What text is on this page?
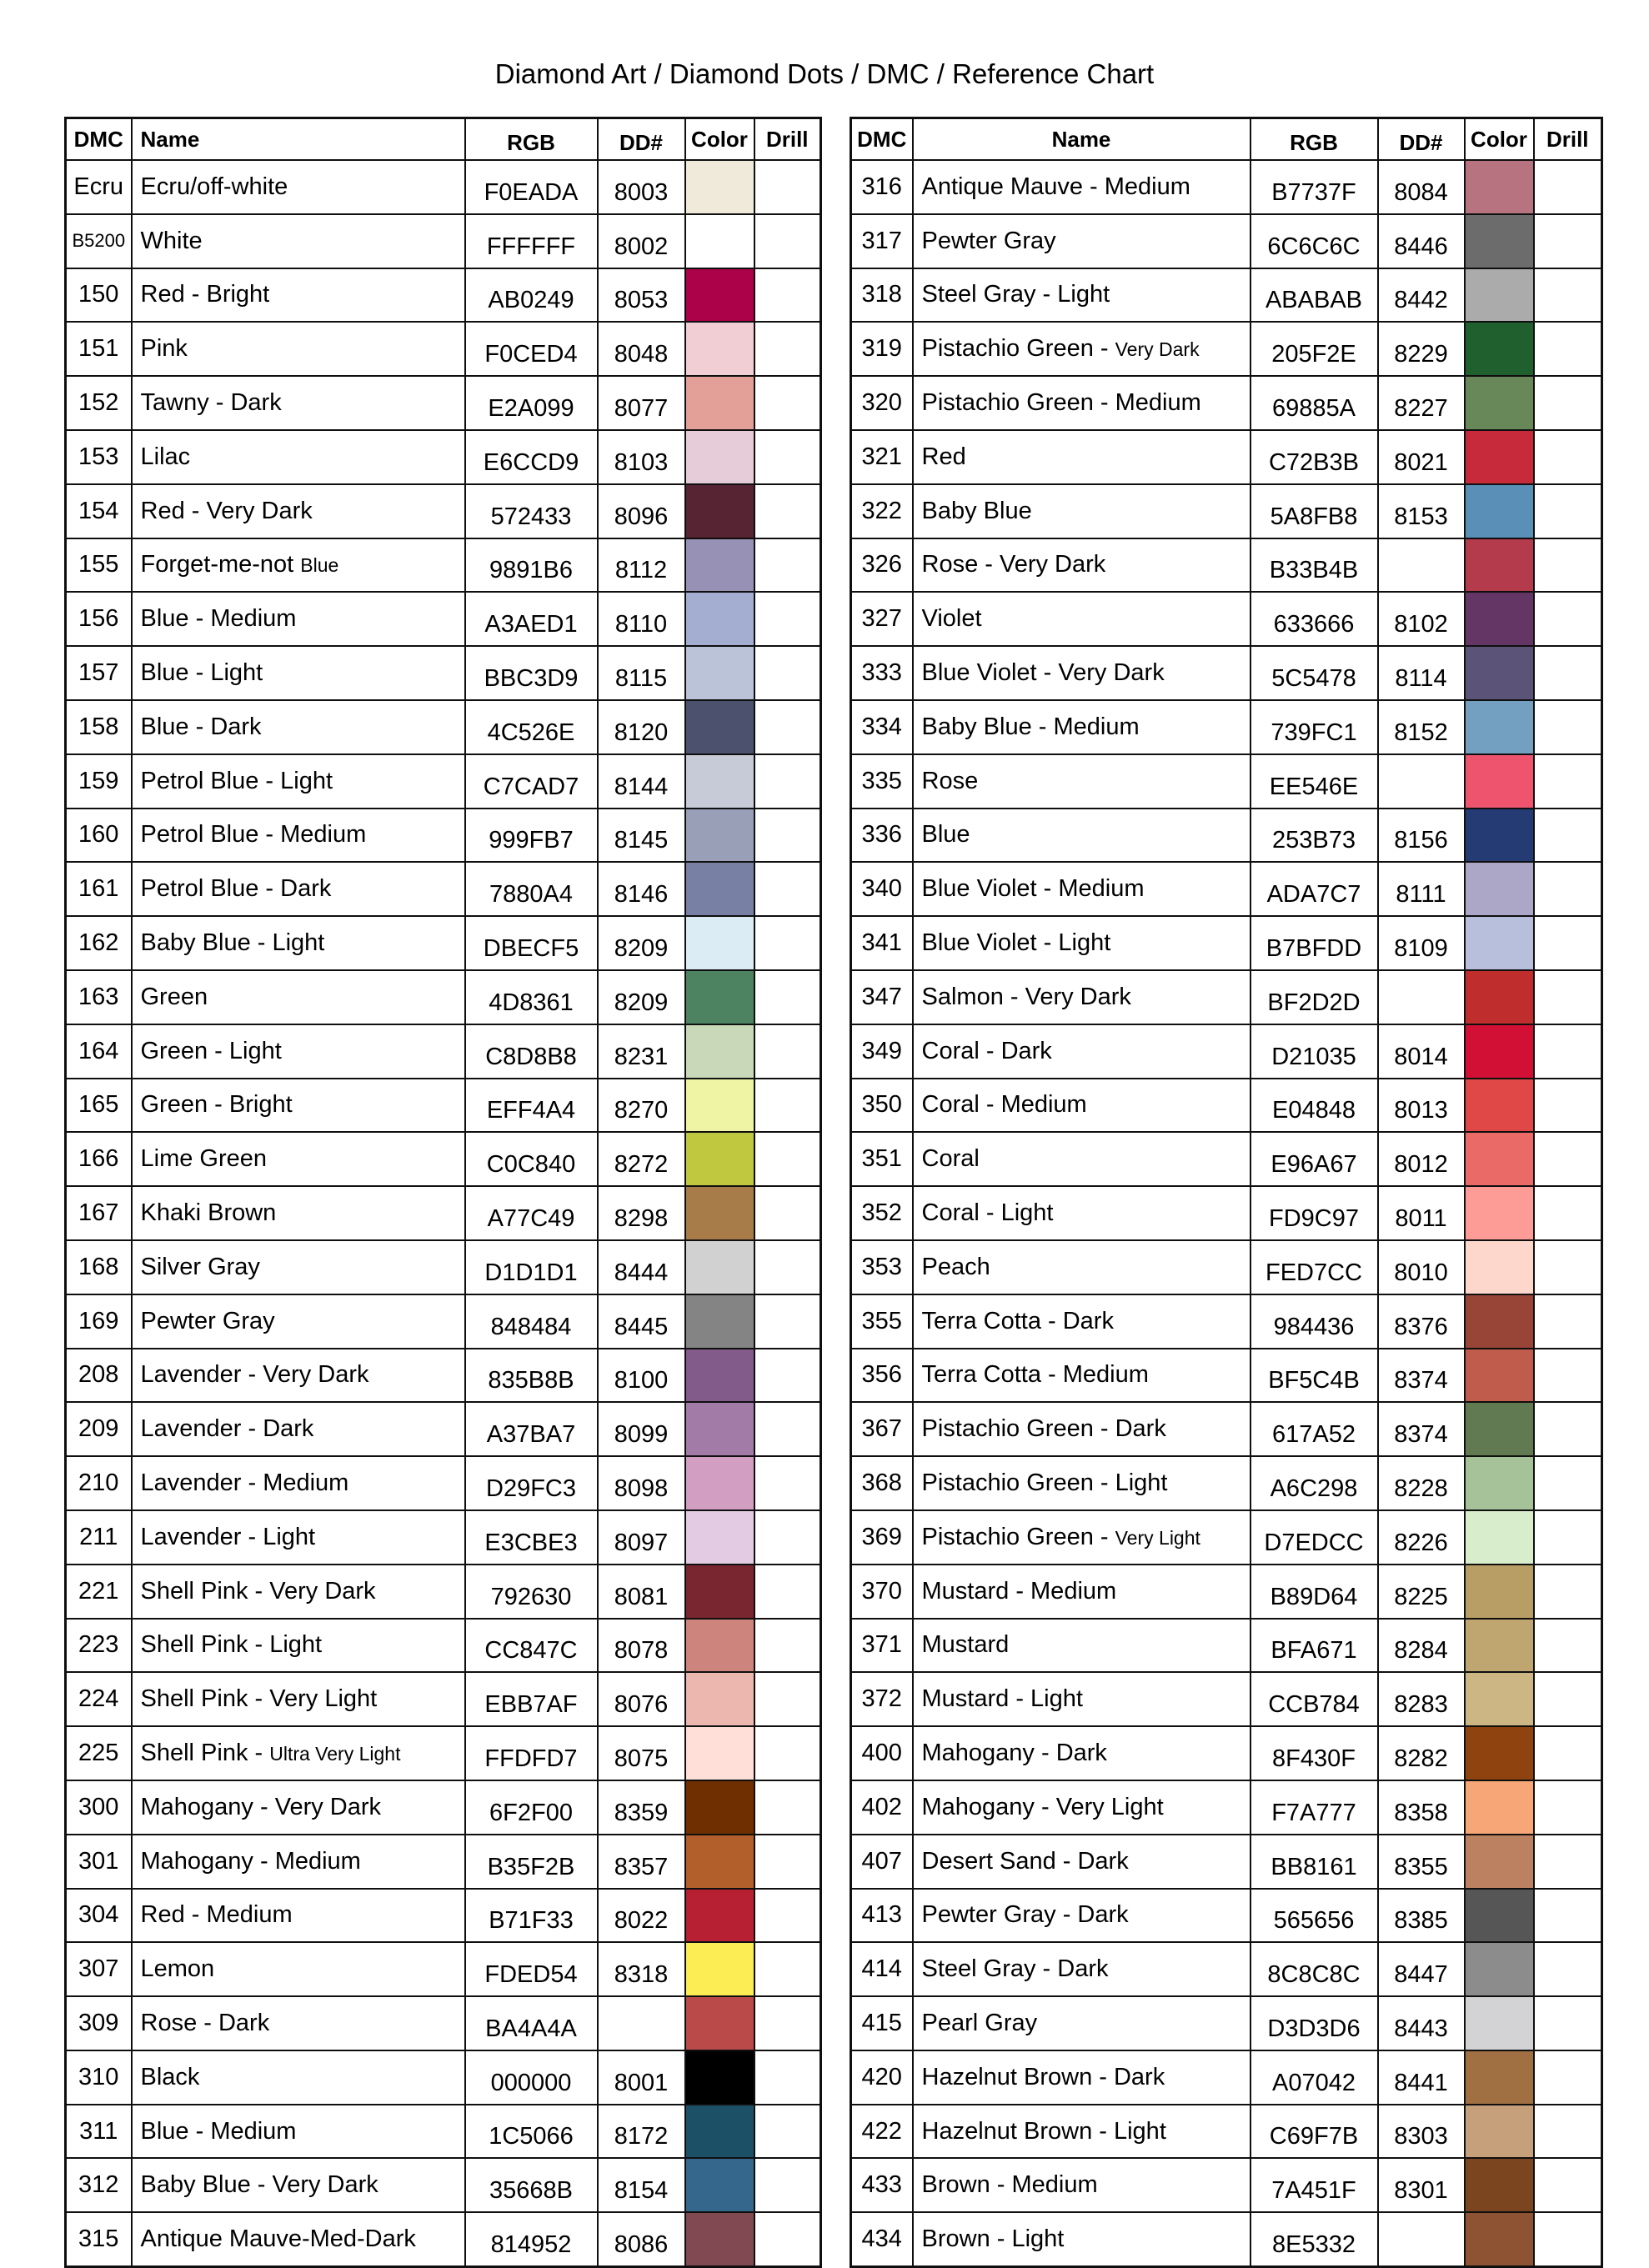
Diamond Art / Diamond Dots / DMC / Reference Chart
DMC	Name	RGB	DD#	Color	Drill
Ecru	Ecru/off-white	F0EADA	8003		
B5200	White	FFFFFF	8002		
150	Red - Bright	AB0249	8053		
151	Pink	F0CED4	8048		
152	Tawny - Dark	E2A099	8077		
153	Lilac	E6CCD9	8103		
154	Red - Very Dark	572433	8096		
155	Forget-me-not Blue	9891B6	8112		
156	Blue - Medium	A3AED1	8110		
157	Blue - Light	BBC3D9	8115		
158	Blue - Dark	4C526E	8120		
159	Petrol Blue - Light	C7CAD7	8144		
160	Petrol Blue - Medium	999FB7	8145		
161	Petrol Blue - Dark	7880A4	8146		
162	Baby Blue - Light	DBECF5	8209		
163	Green	4D8361	8209		
164	Green - Light	C8D8B8	8231		
165	Green - Bright	EFF4A4	8270		
166	Lime Green	C0C840	8272		
167	Khaki Brown	A77C49	8298		
168	Silver Gray	D1D1D1	8444		
169	Pewter Gray	848484	8445		
208	Lavender - Very Dark	835B8B	8100		
209	Lavender - Dark	A37BA7	8099		
210	Lavender - Medium	D29FC3	8098		
211	Lavender - Light	E3CBE3	8097		
221	Shell Pink - Very Dark	792630	8081		
223	Shell Pink - Light	CC847C	8078		
224	Shell Pink - Very Light	EBB7AF	8076		
225	Shell Pink - Ultra Very Light	FFDFD7	8075		
300	Mahogany - Very Dark	6F2F00	8359		
301	Mahogany - Medium	B35F2B	8357		
304	Red - Medium	B71F33	8022		
307	Lemon	FDED54	8318		
309	Rose - Dark	BA4A4A			
310	Black	000000	8001		
311	Blue - Medium	1C5066	8172		
312	Baby Blue - Very Dark	35668B	8154		
315	Antique Mauve-Med-Dark	814952	8086		
DMC	Name	RGB	DD#	Color	Drill
316	Antique Mauve - Medium	B7737F	8084		
317	Pewter Gray	6C6C6C	8446		
318	Steel Gray - Light	ABABAB	8442		
319	Pistachio Green - Very Dark	205F2E	8229		
320	Pistachio Green - Medium	69885A	8227		
321	Red	C72B3B	8021		
322	Baby Blue	5A8FB8	8153		
326	Rose - Very Dark	B33B4B			
327	Violet	633666	8102		
333	Blue Violet - Very Dark	5C5478	8114		
334	Baby Blue - Medium	739FC1	8152		
335	Rose	EE546E			
336	Blue	253B73	8156		
340	Blue Violet - Medium	ADA7C7	8111		
341	Blue Violet - Light	B7BFDD	8109		
347	Salmon - Very Dark	BF2D2D			
349	Coral - Dark	D21035	8014		
350	Coral - Medium	E04848	8013		
351	Coral	E96A67	8012		
352	Coral - Light	FD9C97	8011		
353	Peach	FED7CC	8010		
355	Terra Cotta - Dark	984436	8376		
356	Terra Cotta - Medium	BF5C4B	8374		
367	Pistachio Green - Dark	617A52	8374		
368	Pistachio Green - Light	A6C298	8228		
369	Pistachio Green - Very Light	D7EDCC	8226		
370	Mustard - Medium	B89D64	8225		
371	Mustard	BFA671	8284		
372	Mustard - Light	CCB784	8283		
400	Mahogany - Dark	8F430F	8282		
402	Mahogany - Very Light	F7A777	8358		
407	Desert Sand - Dark	BB8161	8355		
413	Pewter Gray - Dark	565656	8385		
414	Steel Gray - Dark	8C8C8C	8447		
415	Pearl Gray	D3D3D6	8443		
420	Hazelnut Brown - Dark	A07042	8441		
422	Hazelnut Brown - Light	C69F7B	8303		
433	Brown - Medium	7A451F	8301		
434	Brown - Light	8E5332			
